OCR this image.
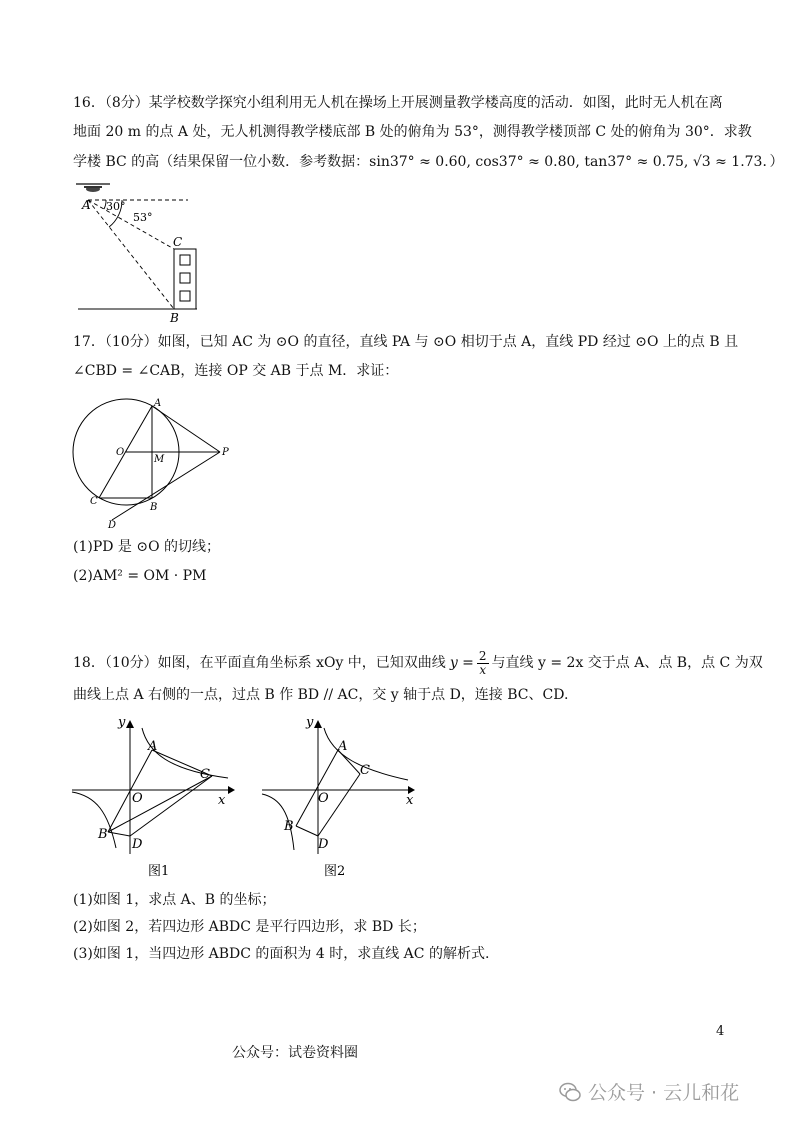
16．（8分）某学校数学探究小组利用无人机在操场上开展测量教学楼高度的活动．如图，此时无人机在离
地面 20 m 的点 A 处，无人机测得教学楼底部 B 处的俯角为 53°，测得教学楼顶部 C 处的俯角为 30°．求教
学楼 BC 的高（结果保留一位小数．参考数据：sin37° ≈ 0.60, cos37° ≈ 0.80, tan37° ≈ 0.75, √3 ≈ 1.73．）
A 30°
53°
C
B
17．（10分）如图，已知 AC 为 ⊙O 的直径，直线 PA 与 ⊙O 相切于点 A，直线 PD 经过 ⊙O 上的点 B 且
∠CBD = ∠CAB，连接 OP 交 AB 于点 M．求证：
A
O
M
P
C
B
D
(1)PD 是 ⊙O 的切线；
(2)AM² = OM · PM
18．（10分）如图，在平面直角坐标系 xOy 中，已知双曲线 $y = \frac{2}{x}$ 与直线 y = 2x 交于点 A、点 B，点 C 为双
曲线上点 A 右侧的一点，过点 B 作 BD // AC，交 y 轴于点 D，连接 BC、CD.
y
x
O
A
C
B
D
图1
y
x
O
A
C
B
D
图2
(1)如图 1，求点 A、B 的坐标；
(2)如图 2，若四边形 ABDC 是平行四边形，求 BD 长；
(3)如图 1，当四边形 ABDC 的面积为 4 时，求直线 AC 的解析式.
4
公众号：试卷资料圈
公众号 · 云儿和花
